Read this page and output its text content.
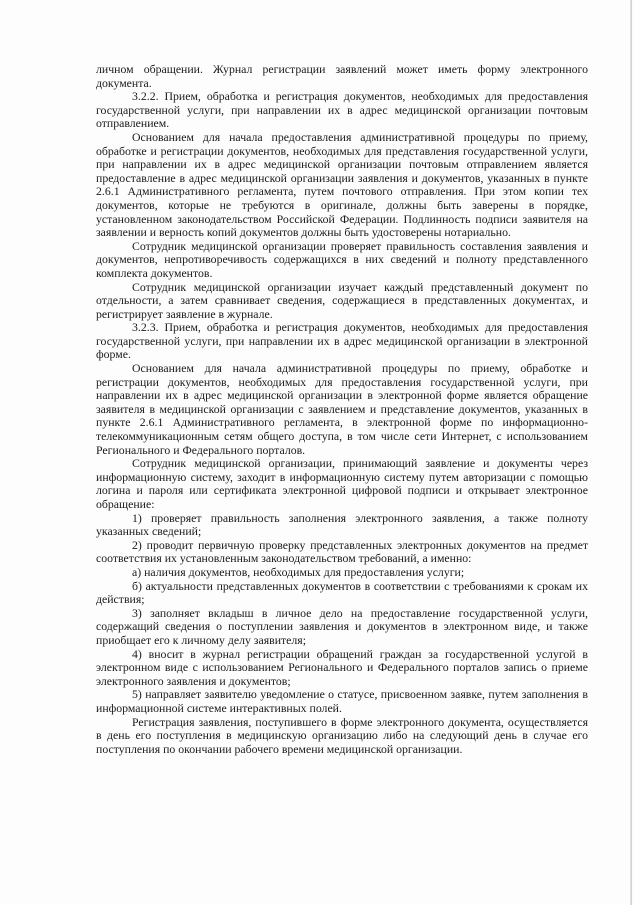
личном обращении. Журнал регистрации заявлений может иметь форму электронного документа.

3.2.2. Прием, обработка и регистрация документов, необходимых для предоставления государственной услуги, при направлении их в адрес медицинской организации почтовым отправлением.

Основанием для начала предоставления административной процедуры по приему, обработке и регистрации документов, необходимых для представления государственной услуги, при направлении их в адрес медицинской организации почтовым отправлением является предоставление в адрес медицинской организации заявления и документов, указанных в пункте 2.6.1 Административного регламента, путем почтового отправления. При этом копии тех документов, которые не требуются в оригинале, должны быть заверены в порядке, установленном законодательством Российской Федерации. Подлинность подписи заявителя на заявлении и верность копий документов должны быть удостоверены нотариально.

Сотрудник медицинской организации проверяет правильность составления заявления и документов, непротиворечивость содержащихся в них сведений и полноту представленного комплекта документов.

Сотрудник медицинской организации изучает каждый представленный документ по отдельности, а затем сравнивает сведения, содержащиеся в представленных документах, и регистрирует заявление в журнале.

3.2.3. Прием, обработка и регистрация документов, необходимых для предоставления государственной услуги, при направлении их в адрес медицинской организации в электронной форме.

Основанием для начала административной процедуры по приему, обработке и регистрации документов, необходимых для предоставления государственной услуги, при направлении их в адрес медицинской организации в электронной форме является обращение заявителя в медицинской организации с заявлением и представление документов, указанных в пункте 2.6.1 Административного регламента, в электронной форме по информационно-телекоммуникационным сетям общего доступа, в том числе сети Интернет, с использованием Регионального и Федерального порталов.

Сотрудник медицинской организации, принимающий заявление и документы через информационную систему, заходит в информационную систему путем авторизации с помощью логина и пароля или сертификата электронной цифровой подписи и открывает электронное обращение:

1) проверяет правильность заполнения электронного заявления, а также полноту указанных сведений;

2) проводит первичную проверку представленных электронных документов на предмет соответствия их установленным законодательством требований, а именно:

а) наличия документов, необходимых для предоставления услуги;

б) актуальности представленных документов в соответствии с требованиями к срокам их действия;

3) заполняет вкладыш в личное дело на предоставление государственной услуги, содержащий сведения о поступлении заявления и документов в электронном виде, и также приобщает его к личному делу заявителя;

4) вносит в журнал регистрации обращений граждан за государственной услугой в электронном виде с использованием Регионального и Федерального порталов запись о приеме электронного заявления и документов;

5) направляет заявителю уведомление о статусе, присвоенном заявке, путем заполнения в информационной системе интерактивных полей.

Регистрация заявления, поступившего в форме электронного документа, осуществляется в день его поступления в медицинскую организацию либо на следующий день в случае его поступления по окончании рабочего времени медицинской организации.
